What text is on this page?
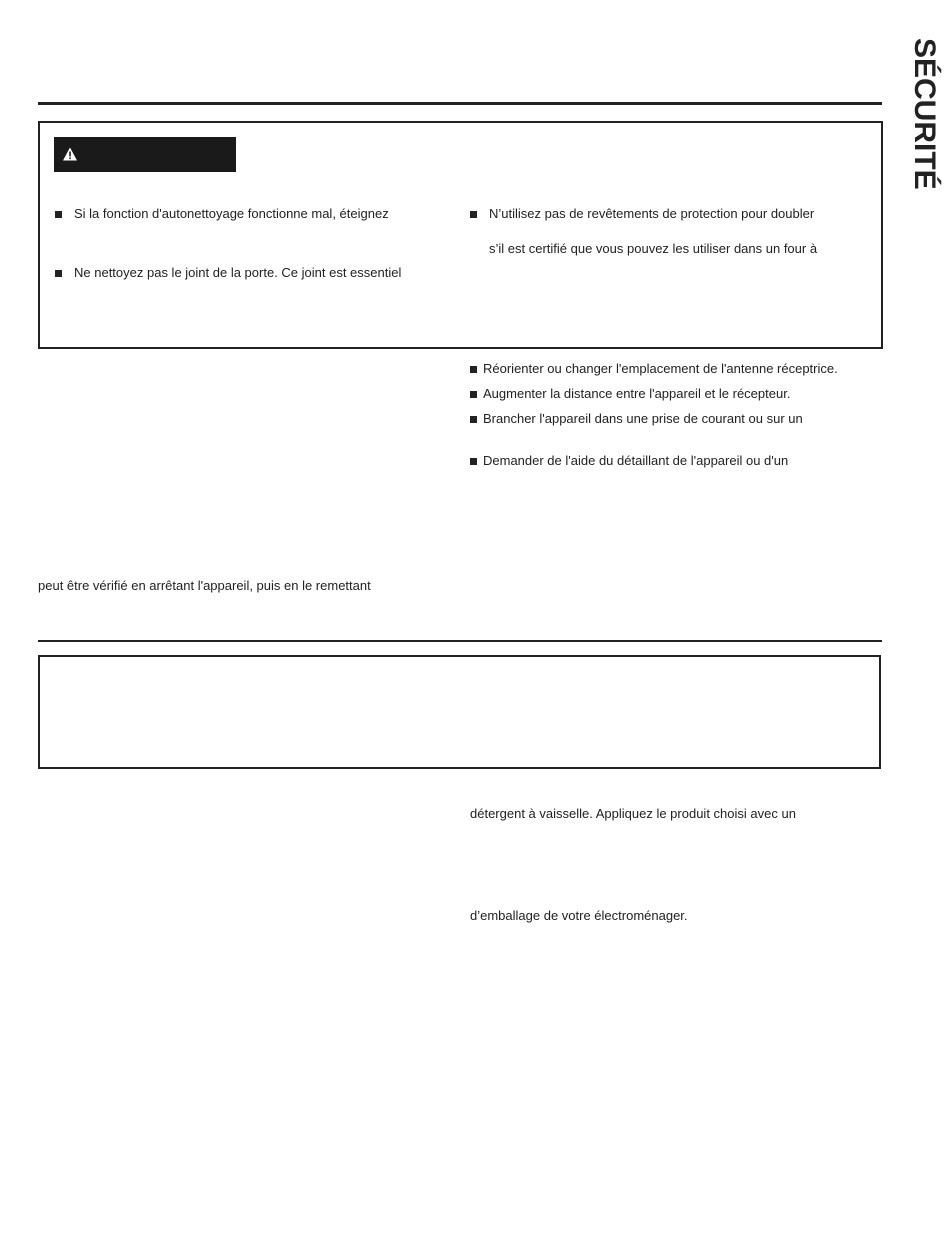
SÉCURITÉ
Si la fonction d'autonettoyage fonctionne mal, éteignez
Ne nettoyez pas le joint de la porte. Ce joint est essentiel
N’utilisez pas de revêtements de protection pour doubler
s’il est certifié que vous pouvez les utiliser dans un four à
Réorienter ou changer l'emplacement de l'antenne réceptrice.
Augmenter la distance entre l'appareil et le récepteur.
Brancher l'appareil dans une prise de courant ou sur un
Demander de l'aide du détaillant de l'appareil ou d'un
peut être vérifié en arrêtant l'appareil, puis en le remettant
détergent à vaisselle. Appliquez le produit choisi avec un
d’emballage de votre électroménager.
